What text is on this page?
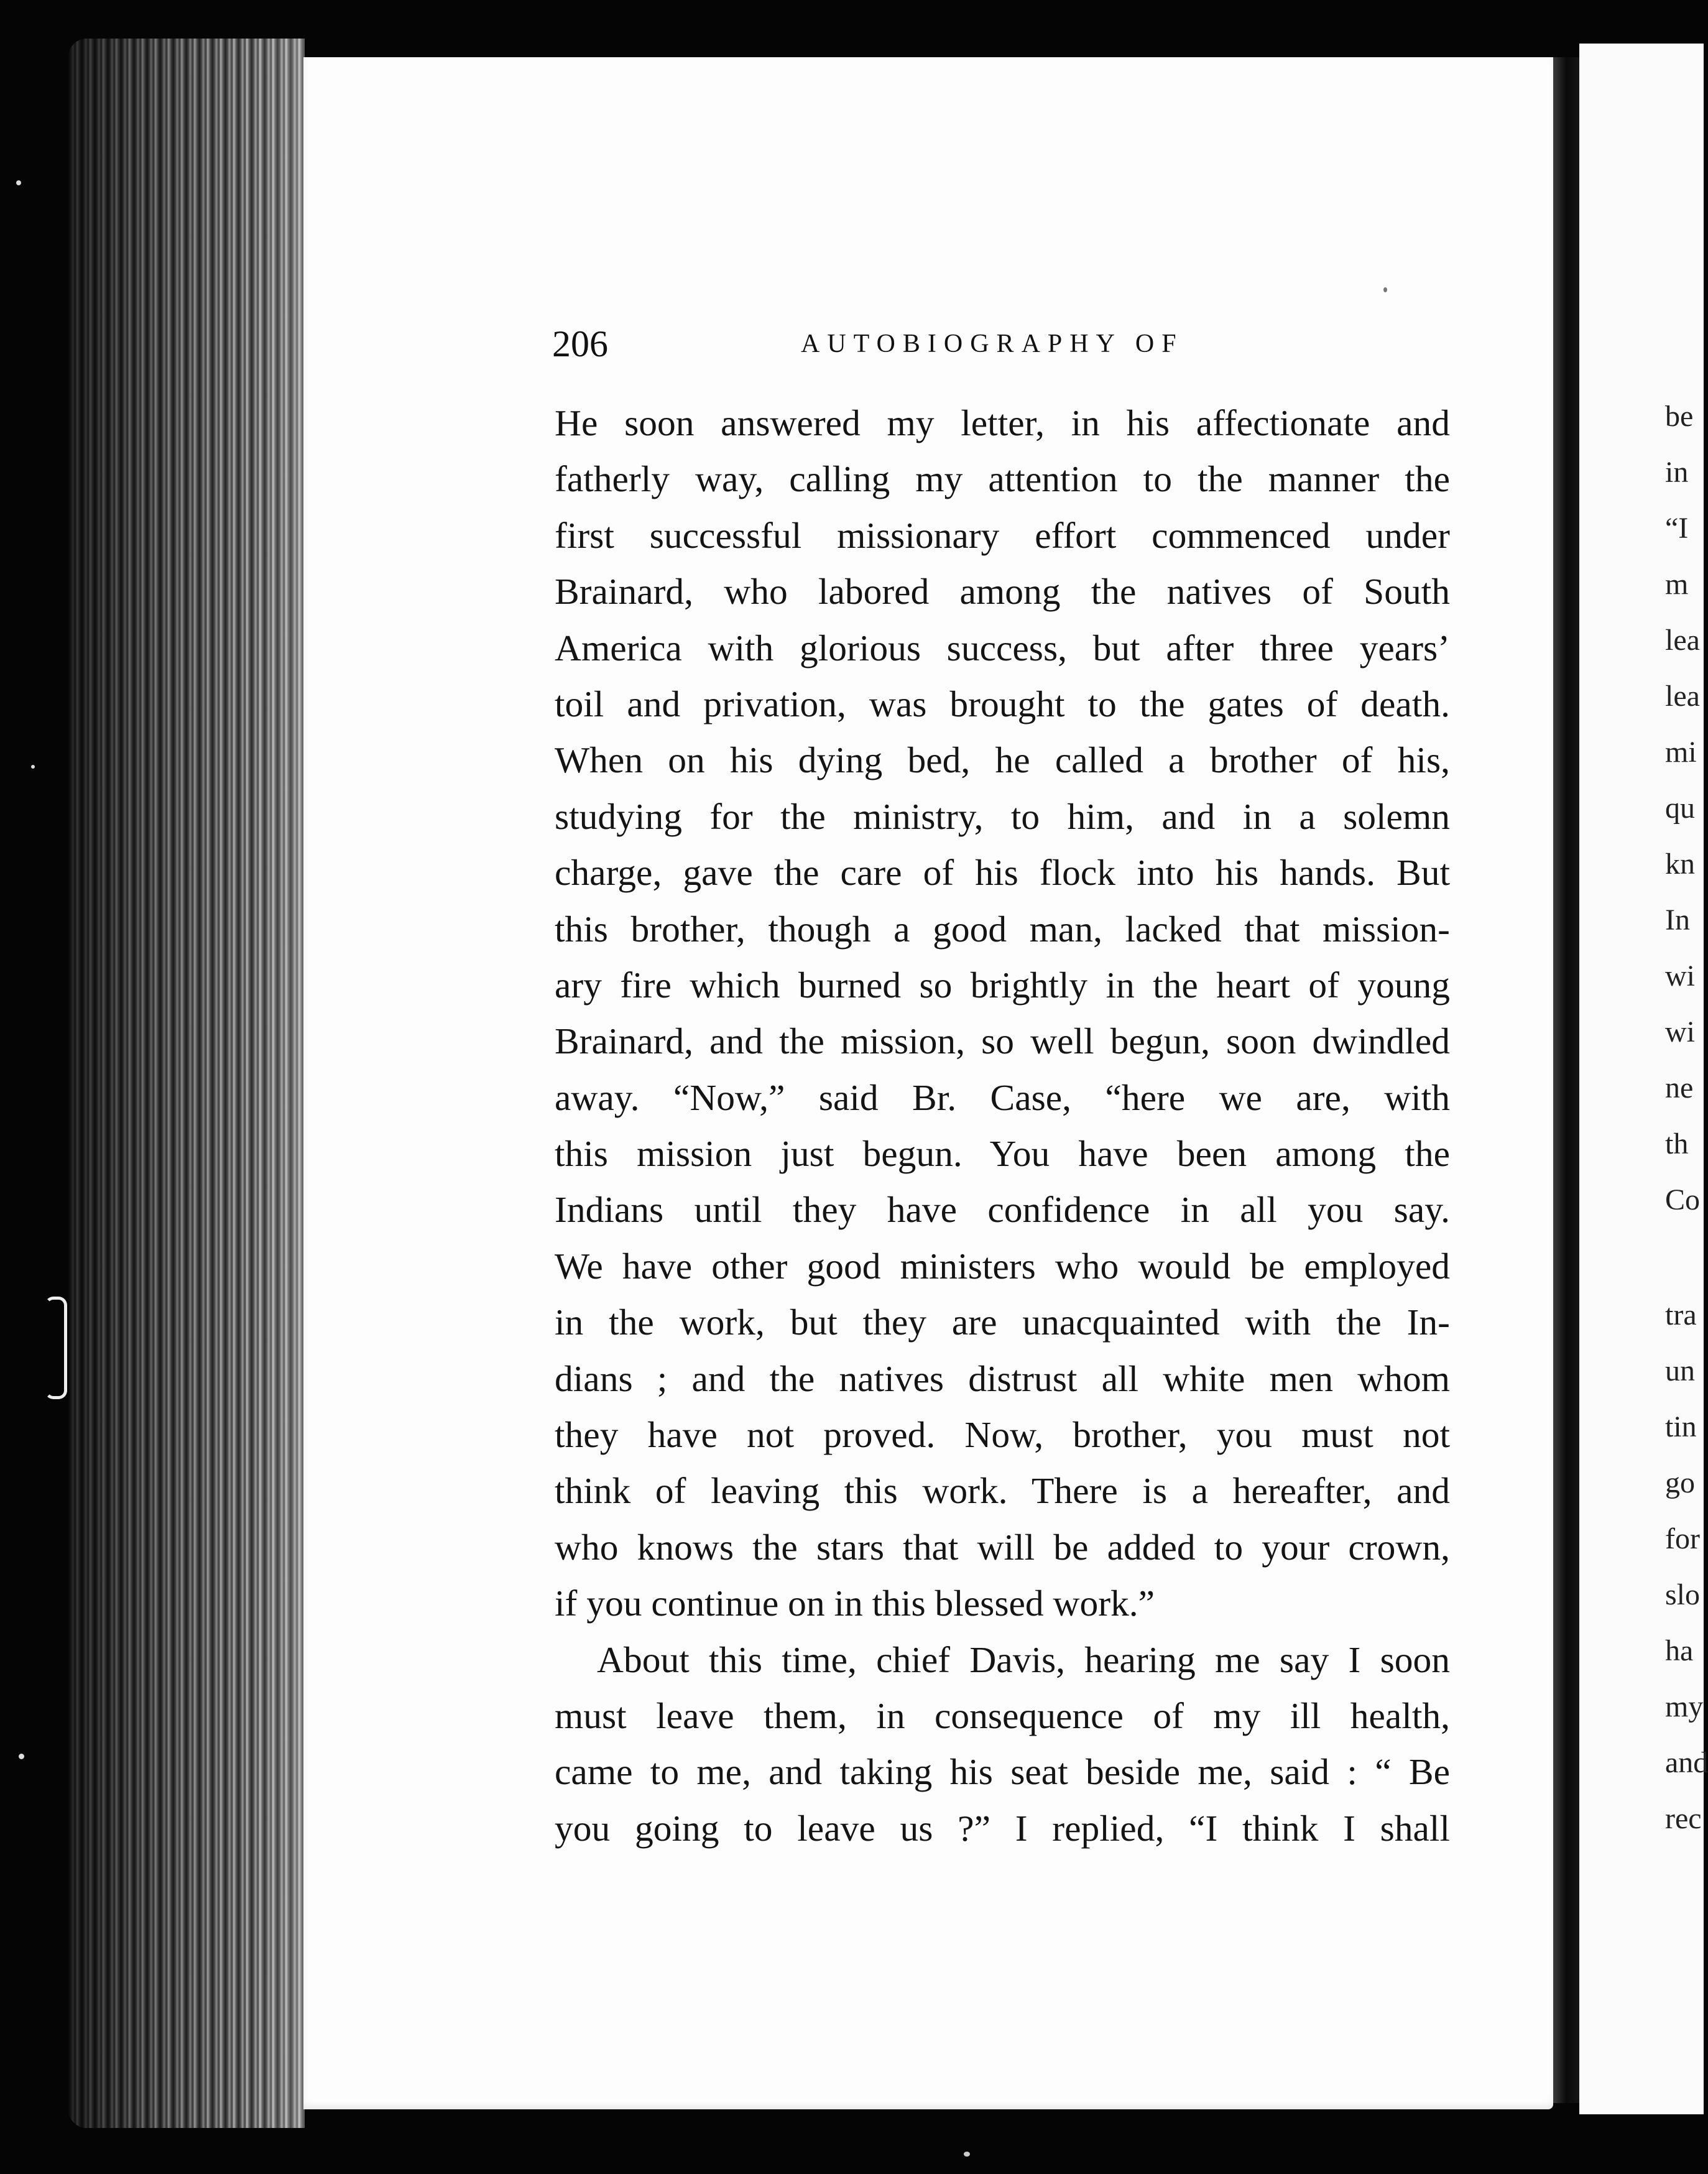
206	AUTOBIOGRAPHY OF
He soon answered my letter, in his affectionate and
fatherly way, calling my attention to the manner the
first successful missionary effort commenced under
Brainard, who labored among the natives of South
America with glorious success, but after three years’
toil and privation, was brought to the gates of death.
When on his dying bed, he called a brother of his,
studying for the ministry, to him, and in a solemn
charge, gave the care of his flock into his hands. But
this brother, though a good man, lacked that mission-
ary fire which burned so brightly in the heart of young
Brainard, and the mission, so well begun, soon dwindled
away. “Now,” said Br. Case, “here we are, with
this mission just begun. You have been among the
Indians until they have confidence in all you say.
We have other good ministers who would be employed
in the work, but they are unacquainted with the In-
dians ; and the natives distrust all white men whom
they have not proved. Now, brother, you must not
think of leaving this work. There is a hereafter, and
who knows the stars that will be added to your crown,
if you continue on in this blessed work.”
About this time, chief Davis, hearing me say I soon
must leave them, in consequence of my ill health,
came to me, and taking his seat beside me, said : “ Be
you going to leave us ?” I replied, “I think I shall
be
in
“I
m
lea
lea
mi
qu
kn
In
wi
wi
ne
th
Co
tra
un
tin
go
for
slo
ha
my
and
rec
